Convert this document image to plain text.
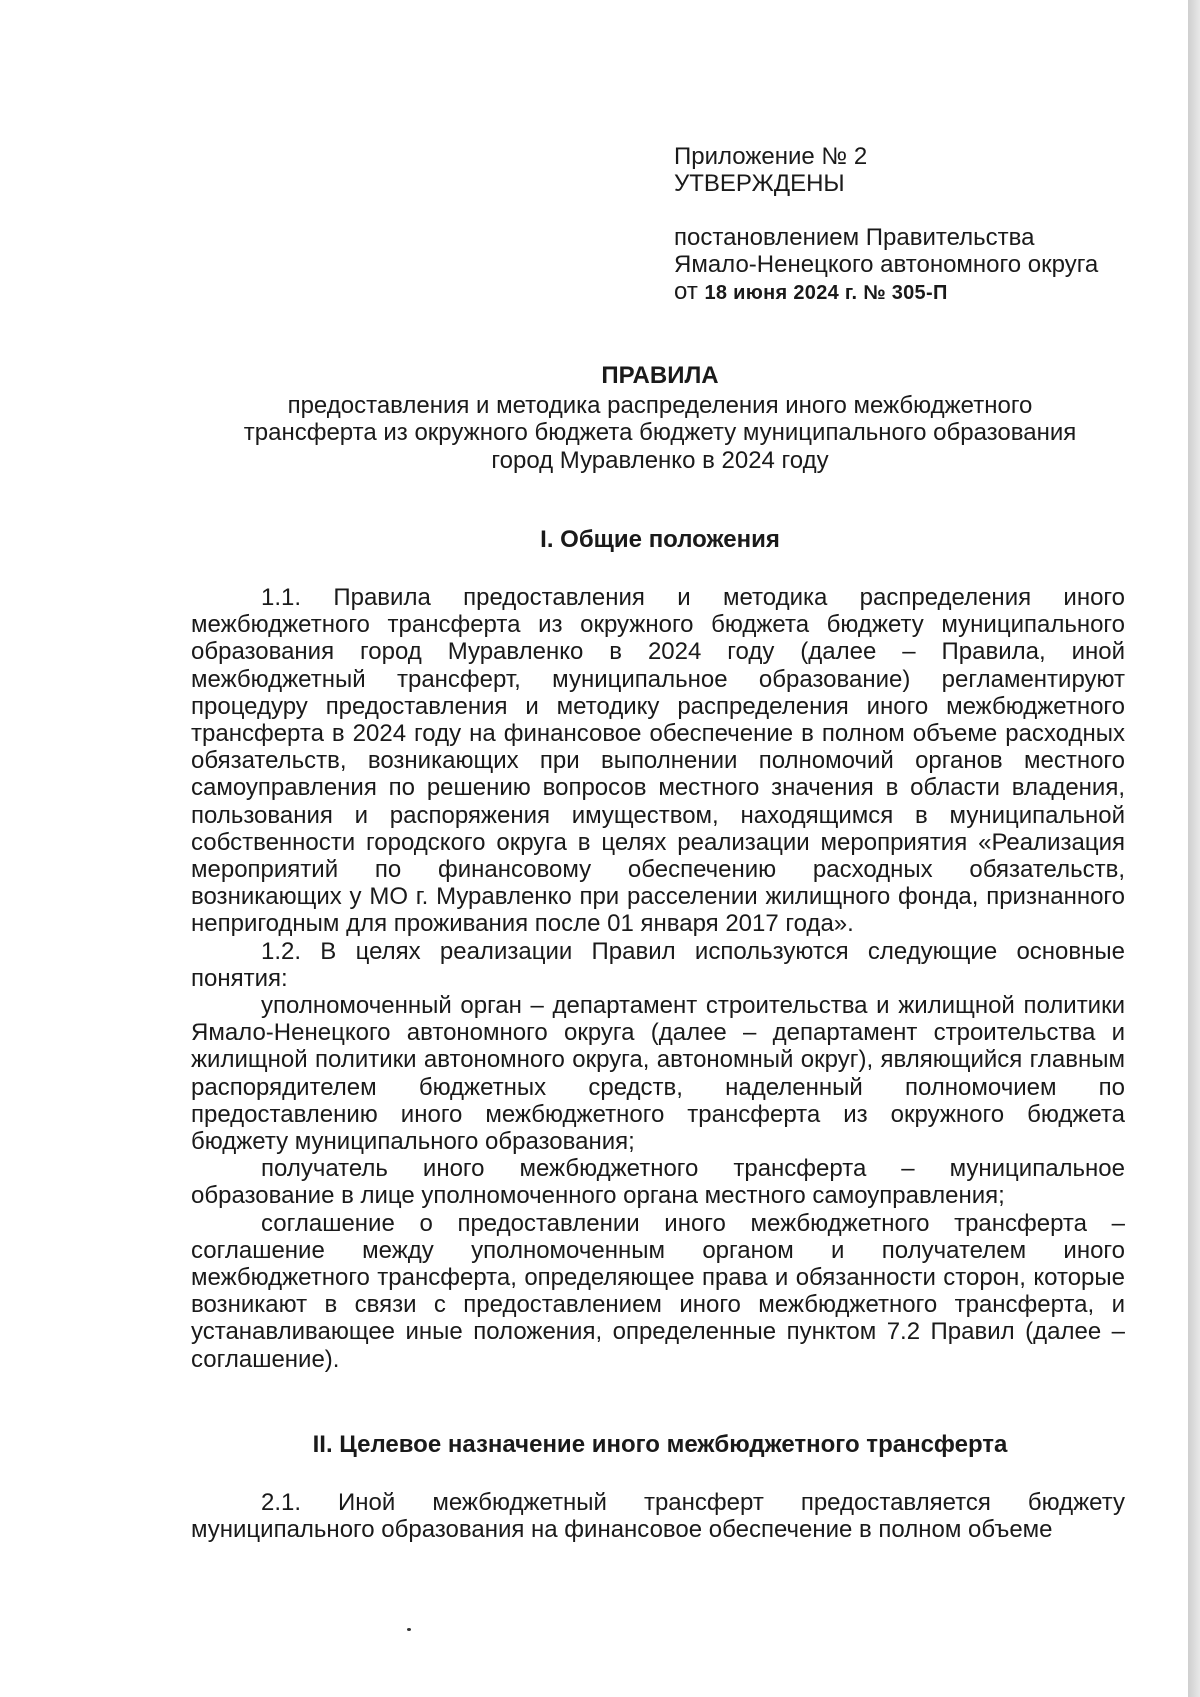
Приложение № 2
УТВЕРЖДЕНЫ
постановлением Правительства
Ямало-Ненецкого автономного округа
от 18 июня 2024 г. № 305-П
ПРАВИЛА
предоставления и методика распределения иного межбюджетного
трансферта из окружного бюджета бюджету муниципального образования
город Муравленко в 2024 году
I. Общие положения

1.1. Правила предоставления и методика распределения иного межбюджетного трансферта из окружного бюджета бюджету муниципального образования город Муравленко в 2024 году (далее – Правила, иной межбюджетный трансферт, муниципальное образование) регламентируют процедуру предоставления и методику распределения иного межбюджетного трансферта в 2024 году на финансовое обеспечение в полном объеме расходных обязательств, возникающих при выполнении полномочий органов местного самоуправления по решению вопросов местного значения в области владения, пользования и распоряжения имуществом, находящимся в муниципальной собственности городского округа в целях реализации мероприятия «Реализация мероприятий по финансовому обеспечению расходных обязательств, возникающих у МО г. Муравленко при расселении жилищного фонда, признанного непригодным для проживания после 01 января 2017 года».

1.2. В целях реализации Правил используются следующие основные понятия:

уполномоченный орган – департамент строительства и жилищной политики Ямало-Ненецкого автономного округа (далее – департамент строительства и жилищной политики автономного округа, автономный округ), являющийся главным распорядителем бюджетных средств, наделенный полномочием по предоставлению иного межбюджетного трансферта из окружного бюджета бюджету муниципального образования;

получатель иного межбюджетного трансферта – муниципальное образование в лице уполномоченного органа местного самоуправления;

соглашение о предоставлении иного межбюджетного трансферта – соглашение между уполномоченным органом и получателем иного межбюджетного трансферта, определяющее права и обязанности сторон, которые возникают в связи с предоставлением иного межбюджетного трансферта, и устанавливающее иные положения, определенные пунктом 7.2 Правил (далее – соглашение).

II. Целевое назначение иного межбюджетного трансферта

2.1. Иной межбюджетный трансферт предоставляется бюджету муниципального образования на финансовое обеспечение в полном объеме
